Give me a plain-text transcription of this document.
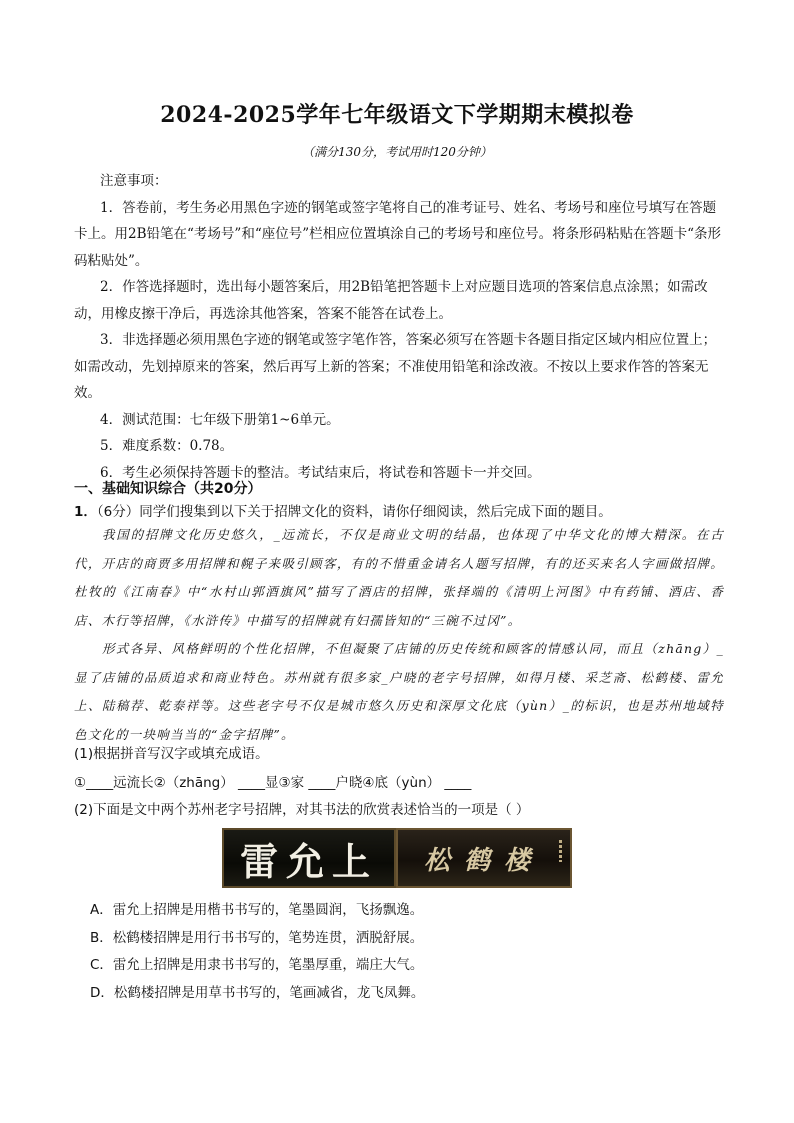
2024-2025学年七年级语文下学期期末模拟卷
（满分130分，考试用时120分钟）
注意事项：

1．答卷前，考生务必用黑色字迹的钢笔或签字笔将自己的准考证号、姓名、考场号和座位号填写在答题卡上。用2B铅笔在“考场号”和“座位号”栏相应位置填涂自己的考场号和座位号。将条形码粘贴在答题卡“条形码粘贴处”。

2．作答选择题时，选出每小题答案后，用2B铅笔把答题卡上对应题目选项的答案信息点涂黑；如需改动，用橡皮擦干净后，再选涂其他答案，答案不能答在试卷上。

3．非选择题必须用黑色字迹的钢笔或签字笔作答，答案必须写在答题卡各题目指定区域内相应位置上；如需改动，先划掉原来的答案，然后再写上新的答案；不准使用铅笔和涂改液。不按以上要求作答的答案无效。

4．测试范围：七年级下册第1~6单元。

5．难度系数：0.78。

6．考生必须保持答题卡的整洁。考试结束后，将试卷和答题卡一并交回。

一、基础知识综合（共20分）
1．（6分）同学们搜集到以下关于招牌文化的资料，请你仔细阅读，然后完成下面的题目。

我国的招牌文化历史悠久，_远流长，不仅是商业文明的结晶，也体现了中华文化的博大精深。在古代，开店的商贾多用招牌和幌子来吸引顾客，有的不惜重金请名人题写招牌，有的还买来名人字画做招牌。杜牧的《江南春》中“水村山郭酒旗风”描写了酒店的招牌，张择端的《清明上河图》中有药铺、酒店、香店、木行等招牌，《水浒传》中描写的招牌就有妇孺皆知的“三碗不过冈”。

形式各异、风格鲜明的个性化招牌，不但凝聚了店铺的历史传统和顾客的情感认同，而且（zhāng）_显了店铺的品质追求和商业特色。苏州就有很多家_户晓的老字号招牌，如得月楼、采芝斋、松鹤楼、雷允上、陆稿荐、乾泰祥等。这些老字号不仅是城市悠久历史和深厚文化底（yùn）_的标识，也是苏州地域特色文化的一块响当当的“金字招牌”。

(1)根据拼音写汉字或填充成语。
①____远流长②（zhāng） ____显③家 ____户晓④底（yùn） ____
(2)下面是文中两个苏州老字号招牌，对其书法的欣赏表述恰当的一项是（ ）
雷允上	松鹤楼
A．雷允上招牌是用楷书书写的，笔墨圆润，飞扬飘逸。
B．松鹤楼招牌是用行书书写的，笔势连贯，洒脱舒展。
C．雷允上招牌是用隶书书写的，笔墨厚重，端庄大气。
D．松鹤楼招牌是用草书书写的，笔画减省，龙飞凤舞。
